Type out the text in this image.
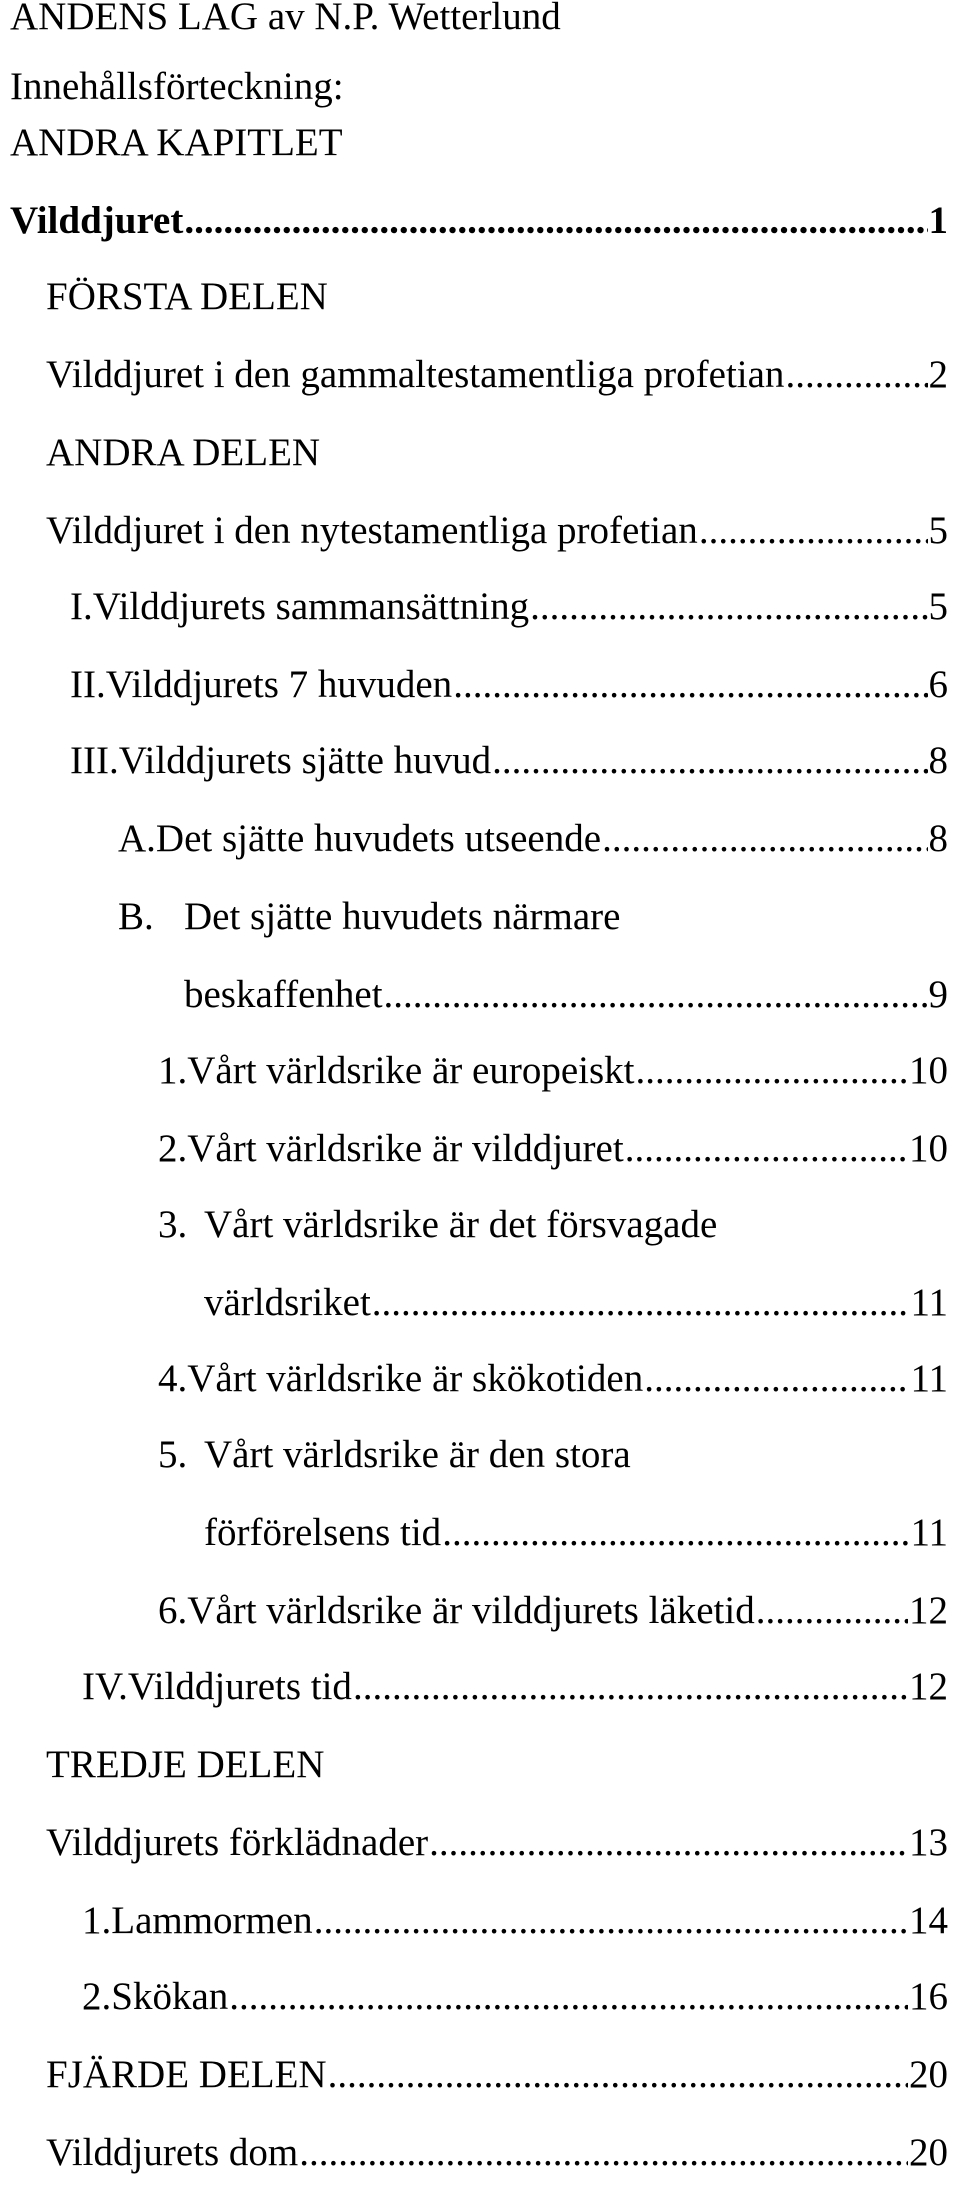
ANDENS LAG av N.P. Wetterlund
Innehållsförteckning:
ANDRA KAPITLET
Vilddjuret .....	1
FÖRSTA DELEN
Vilddjuret i den gammaltestamentliga profetian .....	2
ANDRA DELEN
Vilddjuret i den nytestamentliga profetian .....	5
I. Vilddjurets sammansättning .....	5
II. Vilddjurets 7 huvuden .....	6
III. Vilddjurets sjätte huvud .....	8
A. Det sjätte huvudets utseende .....	8
B. Det sjätte huvudets närmare
beskaffenhet .....	9
1. Vårt världsrike är europeiskt .....	10
2. Vårt världsrike är vilddjuret .....	10
3. Vårt världsrike är det försvagade
världsriket .....	11
4. Vårt världsrike är skökotiden .....	11
5. Vårt världsrike är den stora
förförelsens tid .....	11
6. Vårt världsrike är vilddjurets läketid .....	12
IV. Vilddjurets tid .....	12
TREDJE DELEN
Vilddjurets förklädnader .....	13
1. Lammormen .....	14
2. Skökan .....	16
FJÄRDE DELEN .....	20
Vilddjurets dom .....	20
